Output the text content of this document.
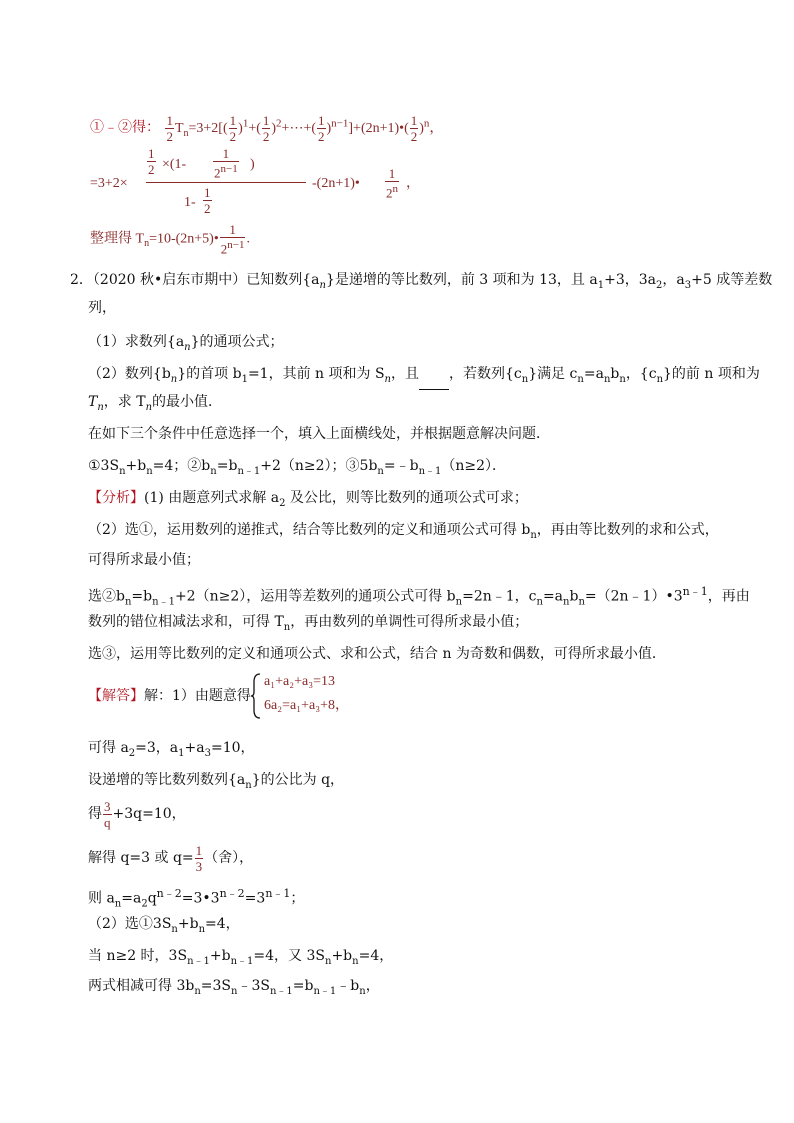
①﹣②得： $\frac{1}{2} T_n=3+2[( \frac{1}{2} )^1+( \frac{1}{2}$ )$^2+\cdots+( \frac{1}{2}$ )$^{n-1}$]+(2n+1)•( $\frac{1}{2} )^n$，
=3+2×
$\frac{1}{2} \times(1- \frac{1}{2^{n-1}}$ )
$1- \frac{1}{2}$
-(2n+1)• $\frac{1}{2^n}$ ，
整理得 $T_n=10-(2n+5)• \frac{1}{2^{n-1}}$ .
2．（2020 秋•启东市期中）已知数列$\{a_n\}$是递增的等比数列，前 3 项和为 13，且 $a_1+3$，$3a_2$，$a_3+5$ 成等差数
列，
（1）求数列$\{a_n\}$的通项公式；
（2）数列$\{b_n\}$的首项 $b_1=1$，其前 n 项和为 $S_n$，且 ，若数列$\{c_n\}$满足 $c_n=a_nb_n$，$\{c_n\}$的前 n 项和为
$T_n$，求 $T_n$的最小值．
在如下三个条件中任意选择一个，填入上面横线处，并根据题意解决问题．
$①3S_n+b_n=4$；$②b_n=b_{n﹣1}+2(n\ge 2)$；$③5b_n=﹣b_{n﹣1}(n\ge 2)$．
【分析】(1) 由题意列式求解 $a_2$ 及公比，则等比数列的通项公式可求；
（2）选①，运用数列的递推式，结合等比数列的定义和通项公式可得 $b_n$，再由等比数列的求和公式，
可得所求最小值；
选$②b_n=b_{n﹣1}+2(n\ge 2)$，运用等差数列的通项公式可得 $b_n=2n﹣1$，$c_n=a_nb_n=(2n﹣1)•3^{n﹣1}$，再由
数列的错位相减法求和，可得 $T_n$，再由数列的单调性可得所求最小值；
选③，运用等比数列的定义和通项公式、求和公式，结合 n 为奇数和偶数，可得所求最小值．
【解答】解：1）由题意得
a₁+a₂+a₃=13
6a₂=a₁+a₃+8，
可得 $a_2=3$，$a_1+a_3=10$，
设递增的等比数列数列$\{a_n\}$的公比为 q，
得 $\frac{3}{q} +3q=10$，
解得 q=3 或 $q= \frac{1}{3}$ （舍），
则 $a_n=a_2q^{n﹣2}=3•3^{n﹣2}=3^{n﹣1}$；
（2）选$①3S_n+b_n=4$，
当 n≥2 时，$3S_{n﹣1}+b_{n﹣1}=4$，又 $3S_n+b_n=4$，
两式相减可得 $3b_n=3S_n﹣3S_{n﹣1}=b_{n﹣1}﹣b_n$，
